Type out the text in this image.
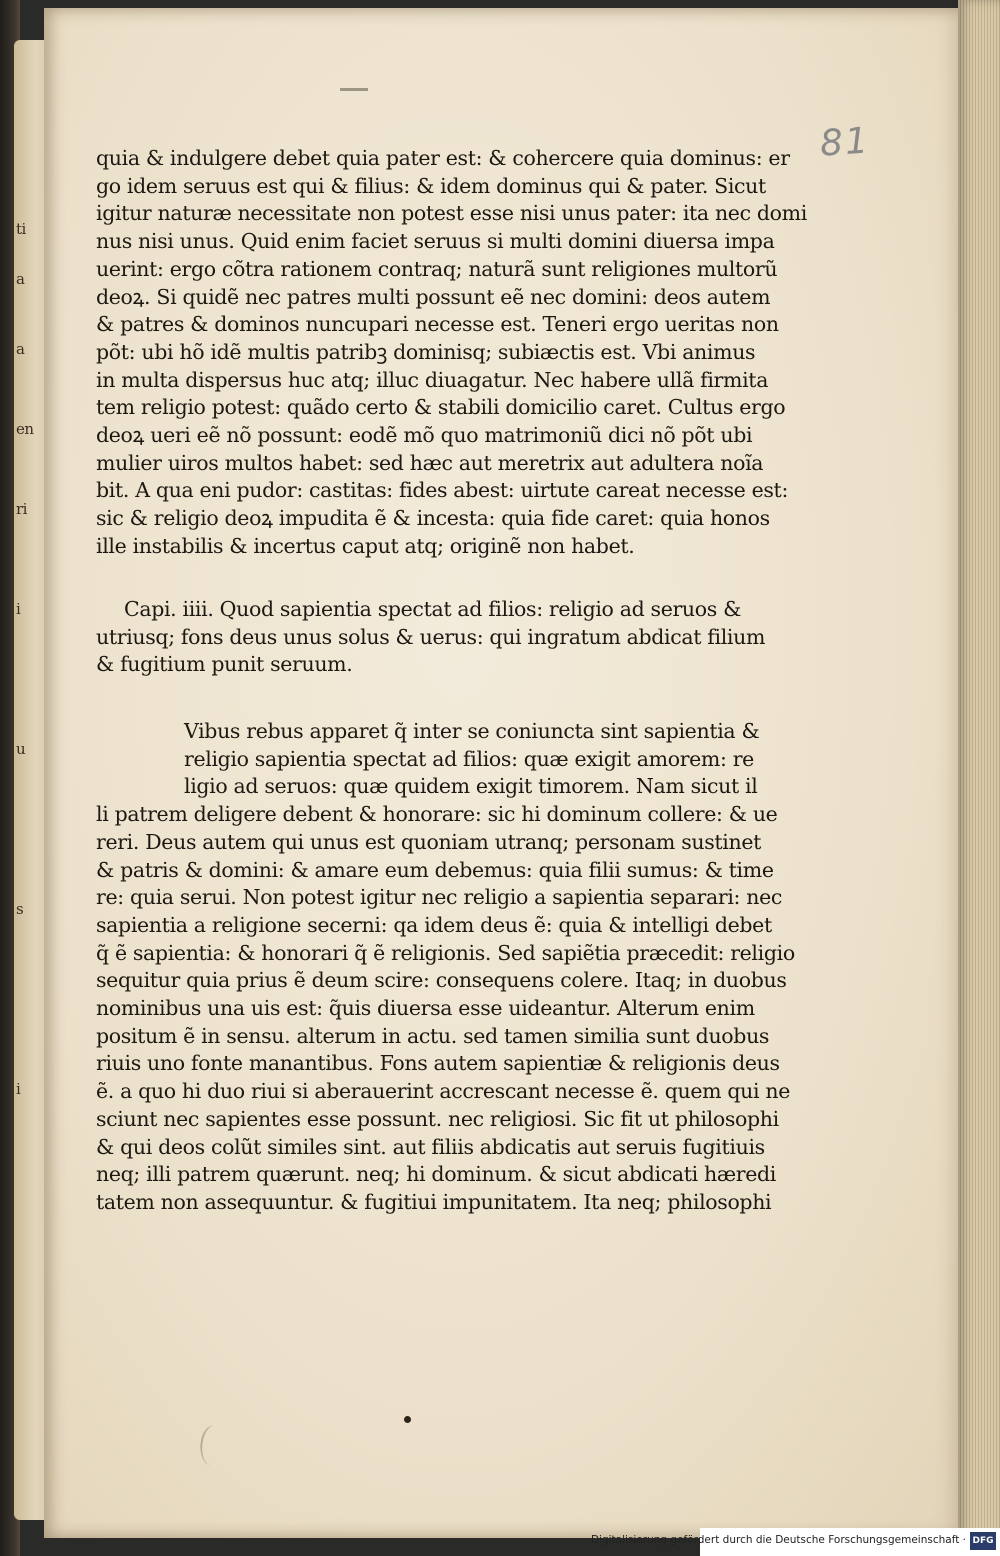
ti
a
a
en
ri
i
u
s
i
81
quia & indulgere debet quia pater est: & cohercere quia dominus: er
go idem seruus est qui & filius: & idem dominus qui & pater. Sicut
igitur naturæ necessitate non potest esse nisi unus pater: ita nec domi
nus nisi unus. Quid enim faciet seruus si multi domini diuersa impa
uerint: ergo cõtra rationem contraq; naturã sunt religiones multorũ
deoꝝ. Si quidẽ nec patres multi possunt eẽ nec domini: deos autem
& patres & dominos nuncupari necesse est. Teneri ergo ueritas non
põt: ubi hõ idẽ multis patribꝫ dominisq; subiæctis est. Vbi animus
in multa dispersus huc atq; illuc diuagatur. Nec habere ullã firmita
tem religio potest: quãdo certo & stabili domicilio caret. Cultus ergo
deoꝝ ueri eẽ nõ possunt: eodẽ mõ quo matrimoniũ dici nõ põt ubi
mulier uiros multos habet: sed hæc aut meretrix aut adultera noĩa
bit. A qua eni pudor: castitas: fides abest: uirtute careat necesse est:
sic & religio deoꝝ impudita ẽ & incesta: quia fide caret: quia honos
ille instabilis & incertus caput atq; originẽ non habet.
Capi. iiii. Quod sapientia spectat ad filios: religio ad seruos &
utriusq; fons deus unus solus & uerus: qui ingratum abdicat filium
& fugitium punit seruum.
Vibus rebus apparet q̃ inter se coniuncta sint sapientia &
religio sapientia spectat ad filios: quæ exigit amorem: re
ligio ad seruos: quæ quidem exigit timorem. Nam sicut il
li patrem deligere debent & honorare: sic hi dominum collere: & ue
reri. Deus autem qui unus est quoniam utranq; personam sustinet
& patris & domini: & amare eum debemus: quia filii sumus: & time
re: quia serui. Non potest igitur nec religio a sapientia separari: nec
sapientia a religione secerni: qa idem deus ẽ: quia & intelligi debet
q̃ ẽ sapientia: & honorari q̃ ẽ religionis. Sed sapiẽtia præcedit: religio
sequitur quia prius ẽ deum scire: consequens colere. Itaq; in duobus
nominibus una uis est: q̃uis diuersa esse uideantur. Alterum enim
positum ẽ in sensu. alterum in actu. sed tamen similia sunt duobus
riuis uno fonte manantibus. Fons autem sapientiæ & religionis deus
ẽ. a quo hi duo riui si aberauerint accrescant necesse ẽ. quem qui ne
sciunt nec sapientes esse possunt. nec religiosi. Sic fit ut philosophi
& qui deos colũt similes sint. aut filiis abdicatis aut seruis fugitiuis
neq; illi patrem quærunt. neq; hi dominum. & sicut abdicati hæredi
tatem non assequuntur. & fugitiui impunitatem. Ita neq; philosophi
Digitalisierung gefördert durch die Deutsche Forschungsgemeinschaft · DFG
